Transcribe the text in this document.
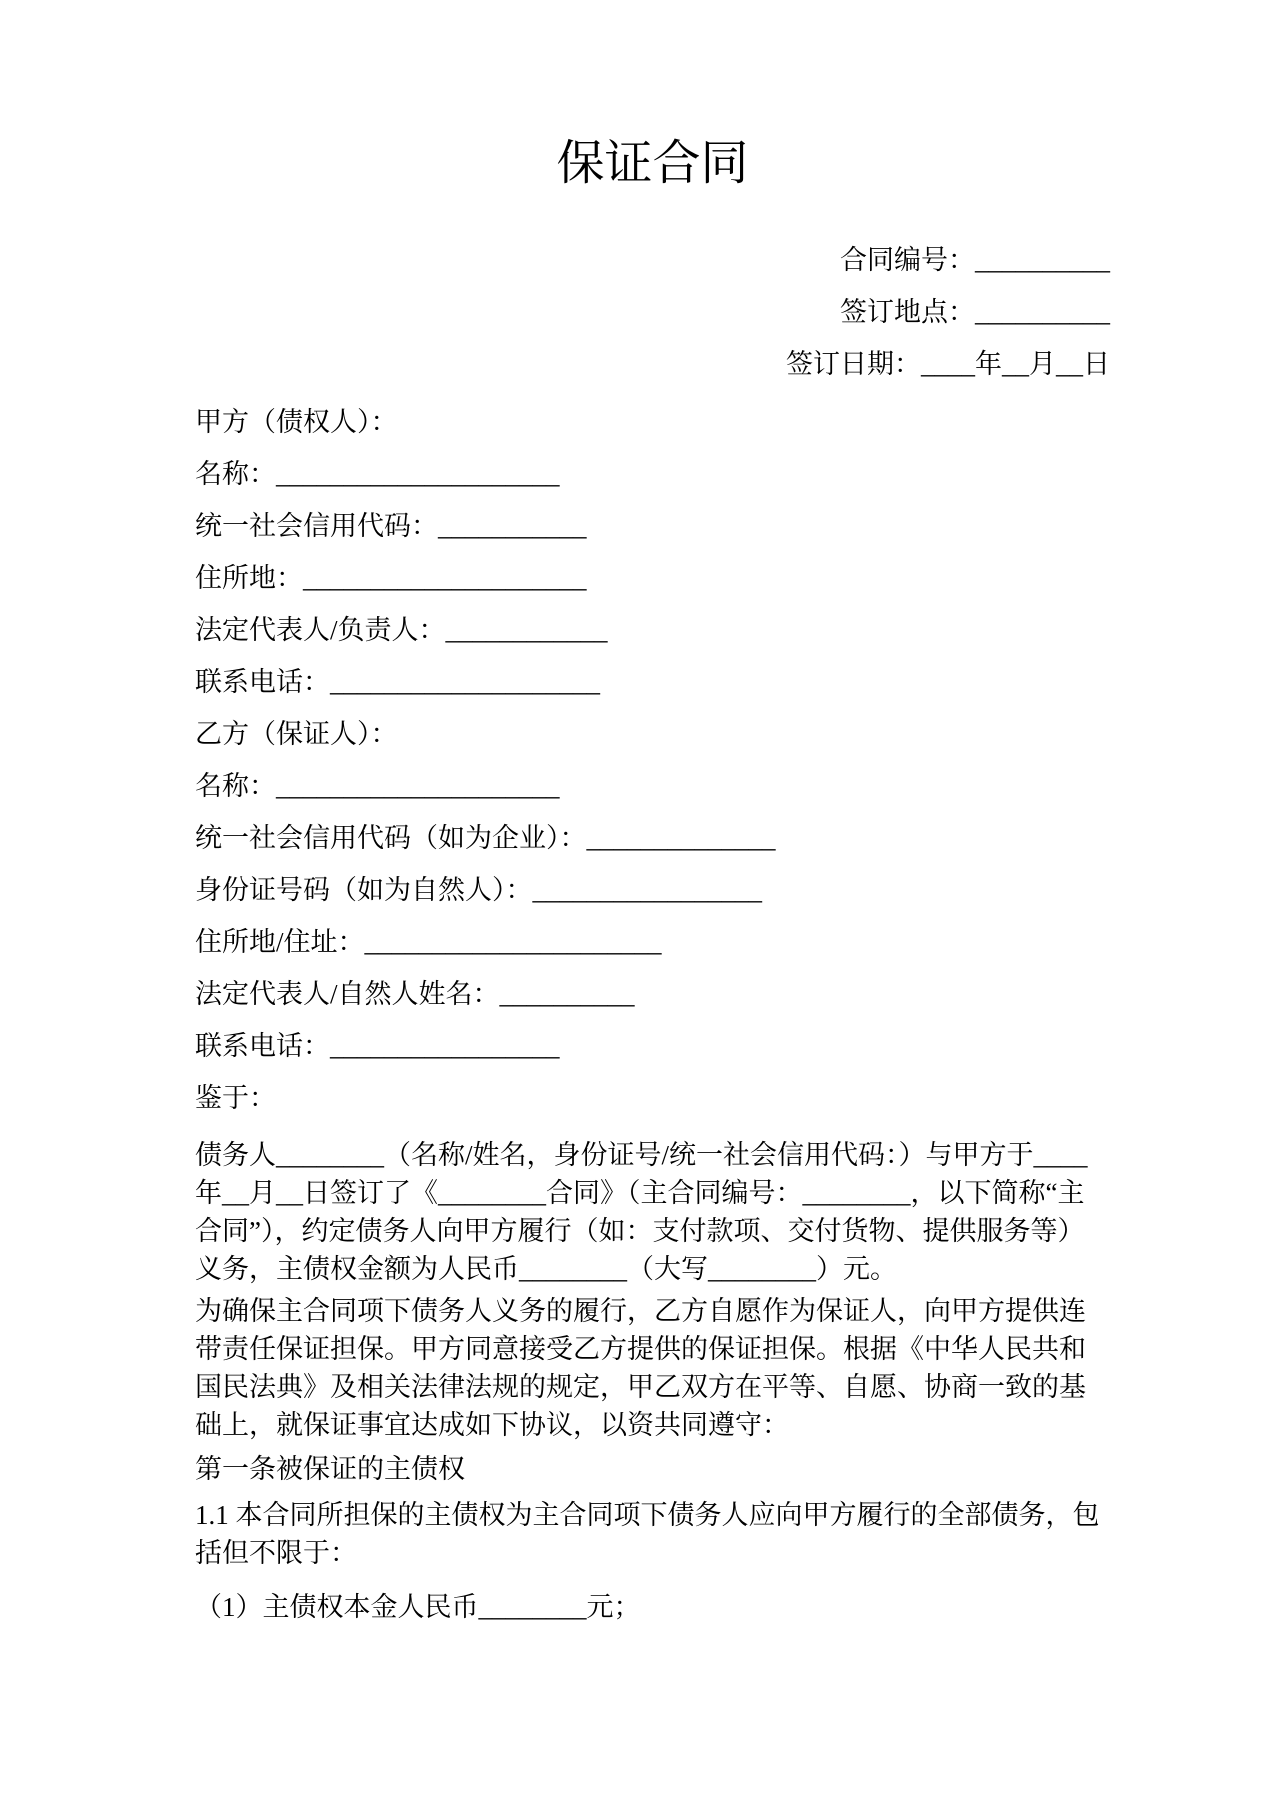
保证合同
合同编号：__________
签订地点：__________
签订日期：____年__月__日
甲方（债权人）：
名称：_____________________
统一社会信用代码：___________
住所地：_____________________
法定代表人/负责人：____________
联系电话：____________________
乙方（保证人）：
名称：_____________________
统一社会信用代码（如为企业）：______________
身份证号码（如为自然人）：_________________
住所地/住址：______________________
法定代表人/自然人姓名：__________
联系电话：_________________
鉴于：
债务人________（名称/姓名，身份证号/统一社会信用代码：）与甲方于____
年__月__日签订了《________合同》（主合同编号：________，以下简称“主
合同”），约定债务人向甲方履行（如：支付款项、交付货物、提供服务等）
义务，主债权金额为人民币________（大写________）元。
为确保主合同项下债务人义务的履行，乙方自愿作为保证人，向甲方提供连
带责任保证担保。甲方同意接受乙方提供的保证担保。根据《中华人民共和
国民法典》及相关法律法规的规定，甲乙双方在平等、自愿、协商一致的基
础上，就保证事宜达成如下协议，以资共同遵守：
第一条被保证的主债权
1.1 本合同所担保的主债权为主合同项下债务人应向甲方履行的全部债务，包
括但不限于：
（1）主债权本金人民币________元；
